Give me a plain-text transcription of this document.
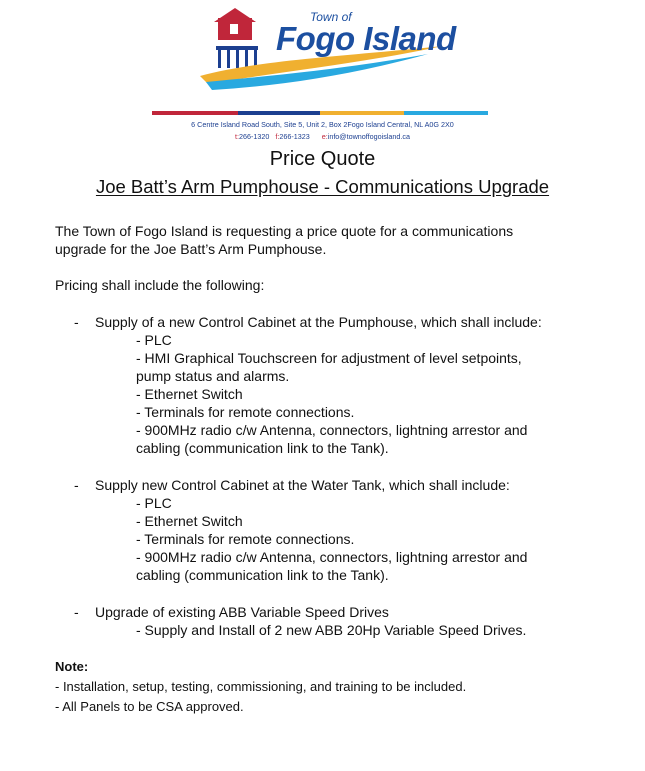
Town of
Fogo Island
6 Centre Island Road South, Site 5, Unit 2, Box 2Fogo Island Central, NL A0G 2X0
t:266-1320 f:266-1323 e:info@townoffogoisland.ca
Price Quote
Joe Batt’s Arm Pumphouse - Communications Upgrade
The Town of Fogo Island is requesting a price quote for a communications
upgrade for the Joe Batt’s Arm Pumphouse.
Pricing shall include the following:
- Supply of a new Control Cabinet at the Pumphouse, which shall include:
- PLC
- HMI Graphical Touchscreen for adjustment of level setpoints,
pump status and alarms.
- Ethernet Switch
- Terminals for remote connections.
- 900MHz radio c/w Antenna, connectors, lightning arrestor and
cabling (communication link to the Tank).
- Supply new Control Cabinet at the Water Tank, which shall include:
- PLC
- Ethernet Switch
- Terminals for remote connections.
- 900MHz radio c/w Antenna, connectors, lightning arrestor and
cabling (communication link to the Tank).
- Upgrade of existing ABB Variable Speed Drives
- Supply and Install of 2 new ABB 20Hp Variable Speed Drives.
Note:
- Installation, setup, testing, commissioning, and training to be included.
- All Panels to be CSA approved.
